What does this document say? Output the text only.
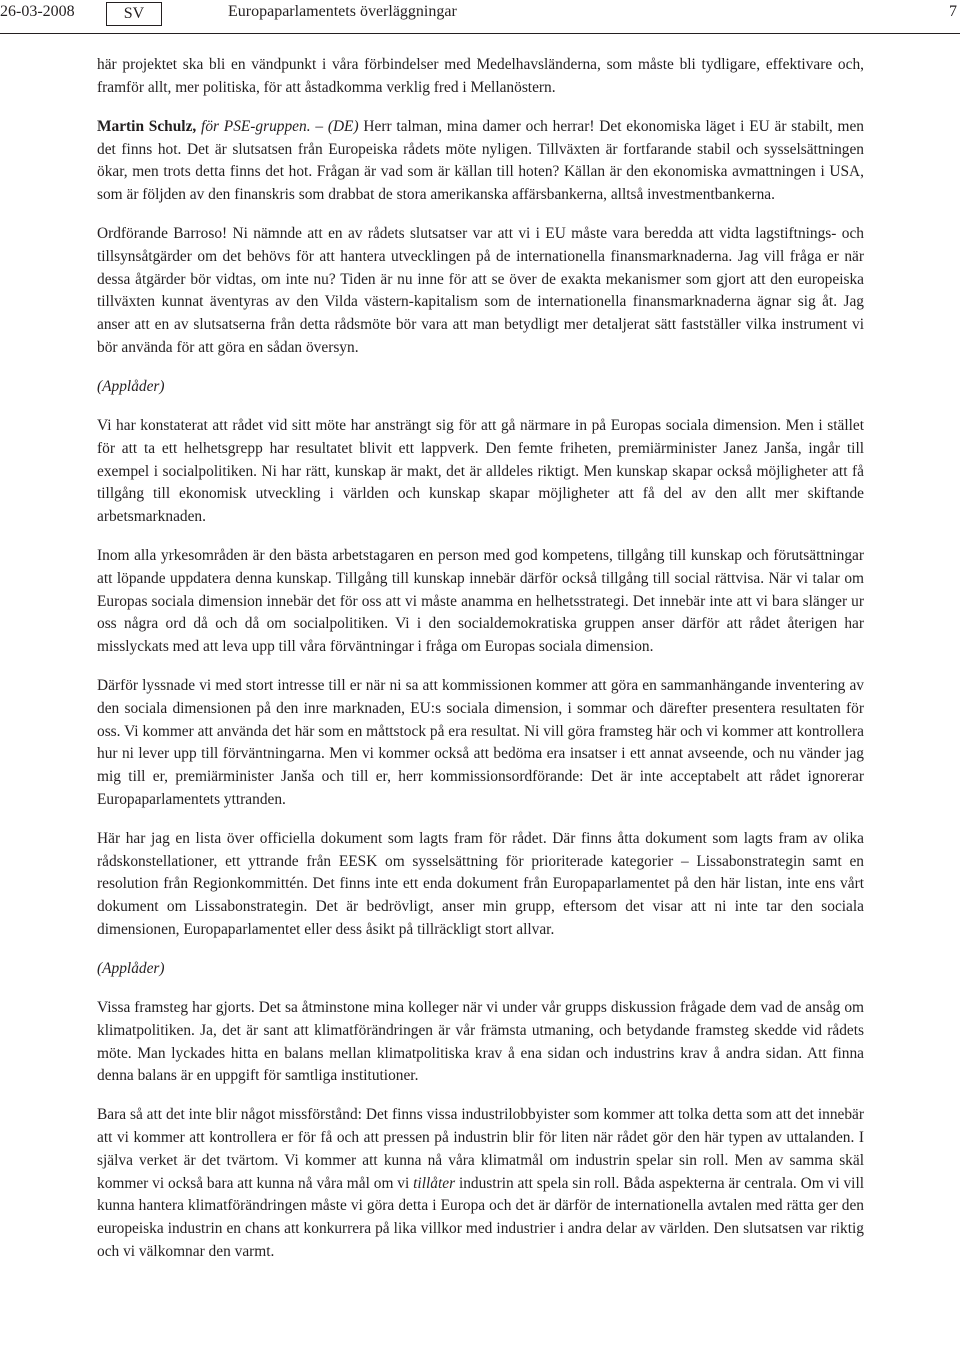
26-03-2008	SV	Europaparlamentets överläggningar	7

här projektet ska bli en vändpunkt i våra förbindelser med Medelhavsländerna, som måste bli tydligare, effektivare och, framför allt, mer politiska, för att åstadkomma verklig fred i Mellanöstern.

Martin Schulz, för PSE-gruppen. – (DE) Herr talman, mina damer och herrar! Det ekonomiska läget i EU är stabilt, men det finns hot. Det är slutsatsen från Europeiska rådets möte nyligen. Tillväxten är fortfarande stabil och sysselsättningen ökar, men trots detta finns det hot. Frågan är vad som är källan till hoten? Källan är den ekonomiska avmattningen i USA, som är följden av den finanskris som drabbat de stora amerikanska affärsbankerna, alltså investmentbankerna.

Ordförande Barroso! Ni nämnde att en av rådets slutsatser var att vi i EU måste vara beredda att vidta lagstiftnings- och tillsynsåtgärder om det behövs för att hantera utvecklingen på de internationella finansmarknaderna. Jag vill fråga er när dessa åtgärder bör vidtas, om inte nu? Tiden är nu inne för att se över de exakta mekanismer som gjort att den europeiska tillväxten kunnat äventyras av den Vilda västern-kapitalism som de internationella finansmarknaderna ägnar sig åt. Jag anser att en av slutsatserna från detta rådsmöte bör vara att man betydligt mer detaljerat sätt fastställer vilka instrument vi bör använda för att göra en sådan översyn.

(Applåder)

Vi har konstaterat att rådet vid sitt möte har ansträngt sig för att gå närmare in på Europas sociala dimension. Men i stället för att ta ett helhetsgrepp har resultatet blivit ett lappverk. Den femte friheten, premiärminister Janez Janša, ingår till exempel i socialpolitiken. Ni har rätt, kunskap är makt, det är alldeles riktigt. Men kunskap skapar också möjligheter att få tillgång till ekonomisk utveckling i världen och kunskap skapar möjligheter att få del av den allt mer skiftande arbetsmarknaden.

Inom alla yrkesområden är den bästa arbetstagaren en person med god kompetens, tillgång till kunskap och förutsättningar att löpande uppdatera denna kunskap. Tillgång till kunskap innebär därför också tillgång till social rättvisa. När vi talar om Europas sociala dimension innebär det för oss att vi måste anamma en helhetsstrategi. Det innebär inte att vi bara slänger ur oss några ord då och då om socialpolitiken. Vi i den socialdemokratiska gruppen anser därför att rådet återigen har misslyckats med att leva upp till våra förväntningar i fråga om Europas sociala dimension.

Därför lyssnade vi med stort intresse till er när ni sa att kommissionen kommer att göra en sammanhängande inventering av den sociala dimensionen på den inre marknaden, EU:s sociala dimension, i sommar och därefter presentera resultaten för oss. Vi kommer att använda det här som en måttstock på era resultat. Ni vill göra framsteg här och vi kommer att kontrollera hur ni lever upp till förväntningarna. Men vi kommer också att bedöma era insatser i ett annat avseende, och nu vänder jag mig till er, premiärminister Janša och till er, herr kommissionsordförande: Det är inte acceptabelt att rådet ignorerar Europaparlamentets yttranden.

Här har jag en lista över officiella dokument som lagts fram för rådet. Där finns åtta dokument som lagts fram av olika rådskonstellationer, ett yttrande från EESK om sysselsättning för prioriterade kategorier – Lissabonstrategin samt en resolution från Regionkommittén. Det finns inte ett enda dokument från Europaparlamentet på den här listan, inte ens vårt dokument om Lissabonstrategin. Det är bedrövligt, anser min grupp, eftersom det visar att ni inte tar den sociala dimensionen, Europaparlamentet eller dess åsikt på tillräckligt stort allvar.

(Applåder)

Vissa framsteg har gjorts. Det sa åtminstone mina kolleger när vi under vår grupps diskussion frågade dem vad de ansåg om klimatpolitiken. Ja, det är sant att klimatförändringen är vår främsta utmaning, och betydande framsteg skedde vid rådets möte. Man lyckades hitta en balans mellan klimatpolitiska krav å ena sidan och industrins krav å andra sidan. Att finna denna balans är en uppgift för samtliga institutioner.

Bara så att det inte blir något missförstånd: Det finns vissa industrilobbyister som kommer att tolka detta som att det innebär att vi kommer att kontrollera er för få och att pressen på industrin blir för liten när rådet gör den här typen av uttalanden. I själva verket är det tvärtom. Vi kommer att kunna nå våra klimatmål om industrin spelar sin roll. Men av samma skäl kommer vi också bara att kunna nå våra mål om vi tillåter industrin att spela sin roll. Båda aspekterna är centrala. Om vi vill kunna hantera klimatförändringen måste vi göra detta i Europa och det är därför de internationella avtalen med rätta ger den europeiska industrin en chans att konkurrera på lika villkor med industrier i andra delar av världen. Den slutsatsen var riktig och vi välkomnar den varmt.
